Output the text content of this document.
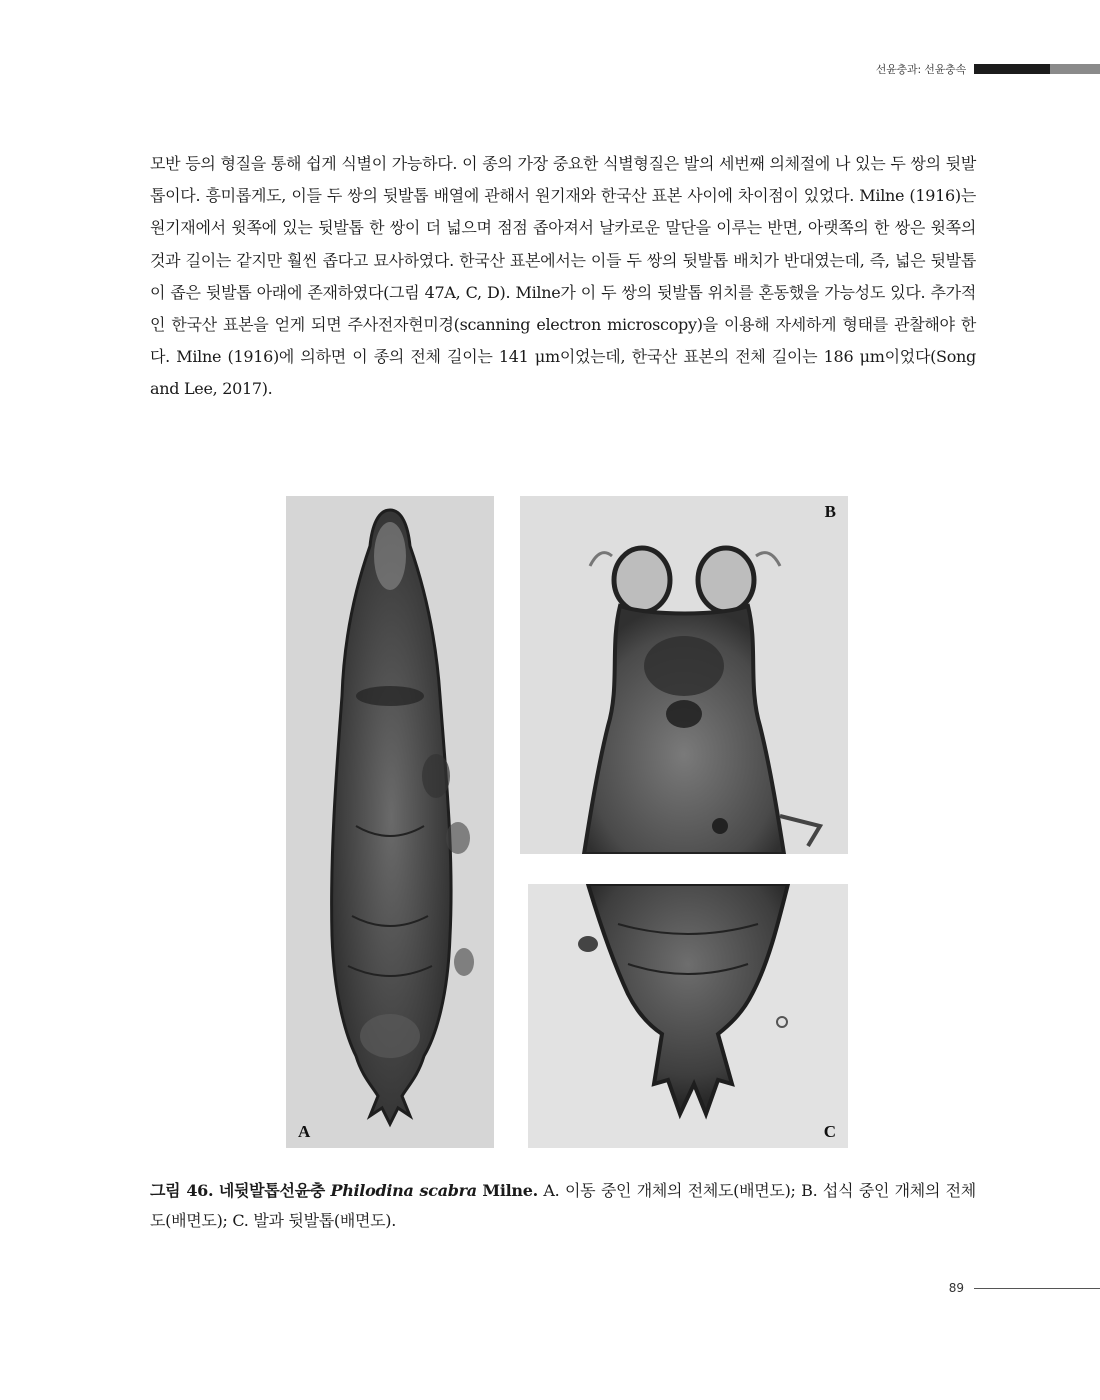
선윤충과: 선윤충속

모반 등의 형질을 통해 쉽게 식별이 가능하다. 이 종의 가장 중요한 식별형질은 발의 세번째 의체절에 나 있는 두 쌍의 뒷발톱이다. 흥미롭게도, 이들 두 쌍의 뒷발톱 배열에 관해서 원기재와 한국산 표본 사이에 차이점이 있었다. Milne (1916)는 원기재에서 윗쪽에 있는 뒷발톱 한 쌍이 더 넓으며 점점 좁아져서 날카로운 말단을 이루는 반면, 아랫쪽의 한 쌍은 윗쪽의 것과 길이는 같지만 훨씬 좁다고 묘사하였다. 한국산 표본에서는 이들 두 쌍의 뒷발톱 배치가 반대였는데, 즉, 넓은 뒷발톱이 좁은 뒷발톱 아래에 존재하였다(그림 47A, C, D). Milne가 이 두 쌍의 뒷발톱 위치를 혼동했을 가능성도 있다. 추가적인 한국산 표본을 얻게 되면 주사전자현미경(scanning electron microscopy)을 이용해 자세하게 형태를 관찰해야 한다. Milne (1916)에 의하면 이 종의 전체 길이는 141 μm이었는데, 한국산 표본의 전체 길이는 186 μm이었다(Song and Lee, 2017).

A
B
C
그림 46. 네뒷발톱선윤충 Philodina scabra Milne. A. 이동 중인 개체의 전체도(배면도); B. 섭식 중인 개체의 전체도(배면도); C. 발과 뒷발톱(배면도).
89
